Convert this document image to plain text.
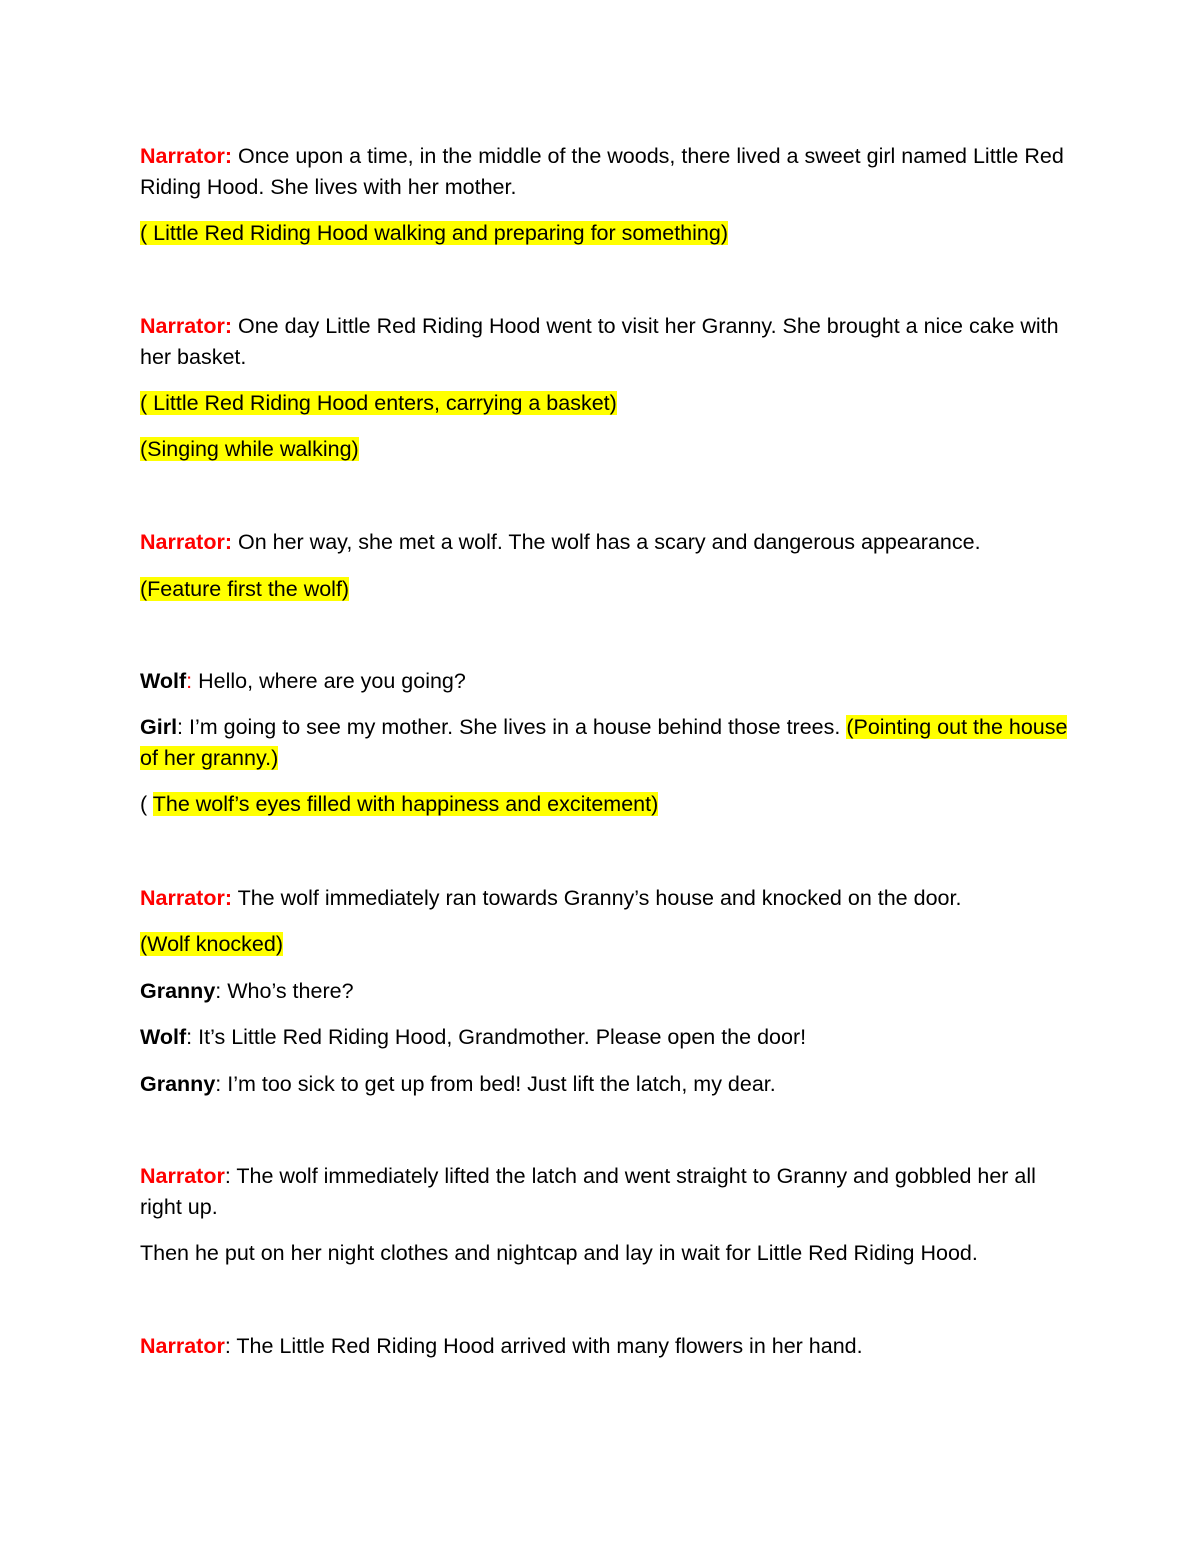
Narrator: Once upon a time, in the middle of the woods, there lived a sweet girl named Little Red Riding Hood. She lives with her mother.
( Little Red Riding Hood walking and preparing for something)
Narrator: One day Little Red Riding Hood went to visit her Granny. She brought a nice cake with her basket.
( Little Red Riding Hood enters, carrying a basket)
(Singing while walking)
Narrator: On her way, she met a wolf. The wolf has a scary and dangerous appearance.
(Feature first the wolf)
Wolf: Hello, where are you going?
Girl: I’m going to see my mother. She lives in a house behind those trees. (Pointing out the house of her granny.)
( The wolf’s eyes filled with happiness and excitement)
Narrator: The wolf immediately ran towards Granny’s house and knocked on the door.
(Wolf knocked)
Granny: Who’s there?
Wolf: It’s Little Red Riding Hood, Grandmother. Please open the door!
Granny: I’m too sick to get up from bed! Just lift the latch, my dear.
Narrator: The wolf immediately lifted the latch and went straight to Granny and gobbled her all right up.
Then he put on her night clothes and nightcap and lay in wait for Little Red Riding Hood.
Narrator: The Little Red Riding Hood arrived with many flowers in her hand.
